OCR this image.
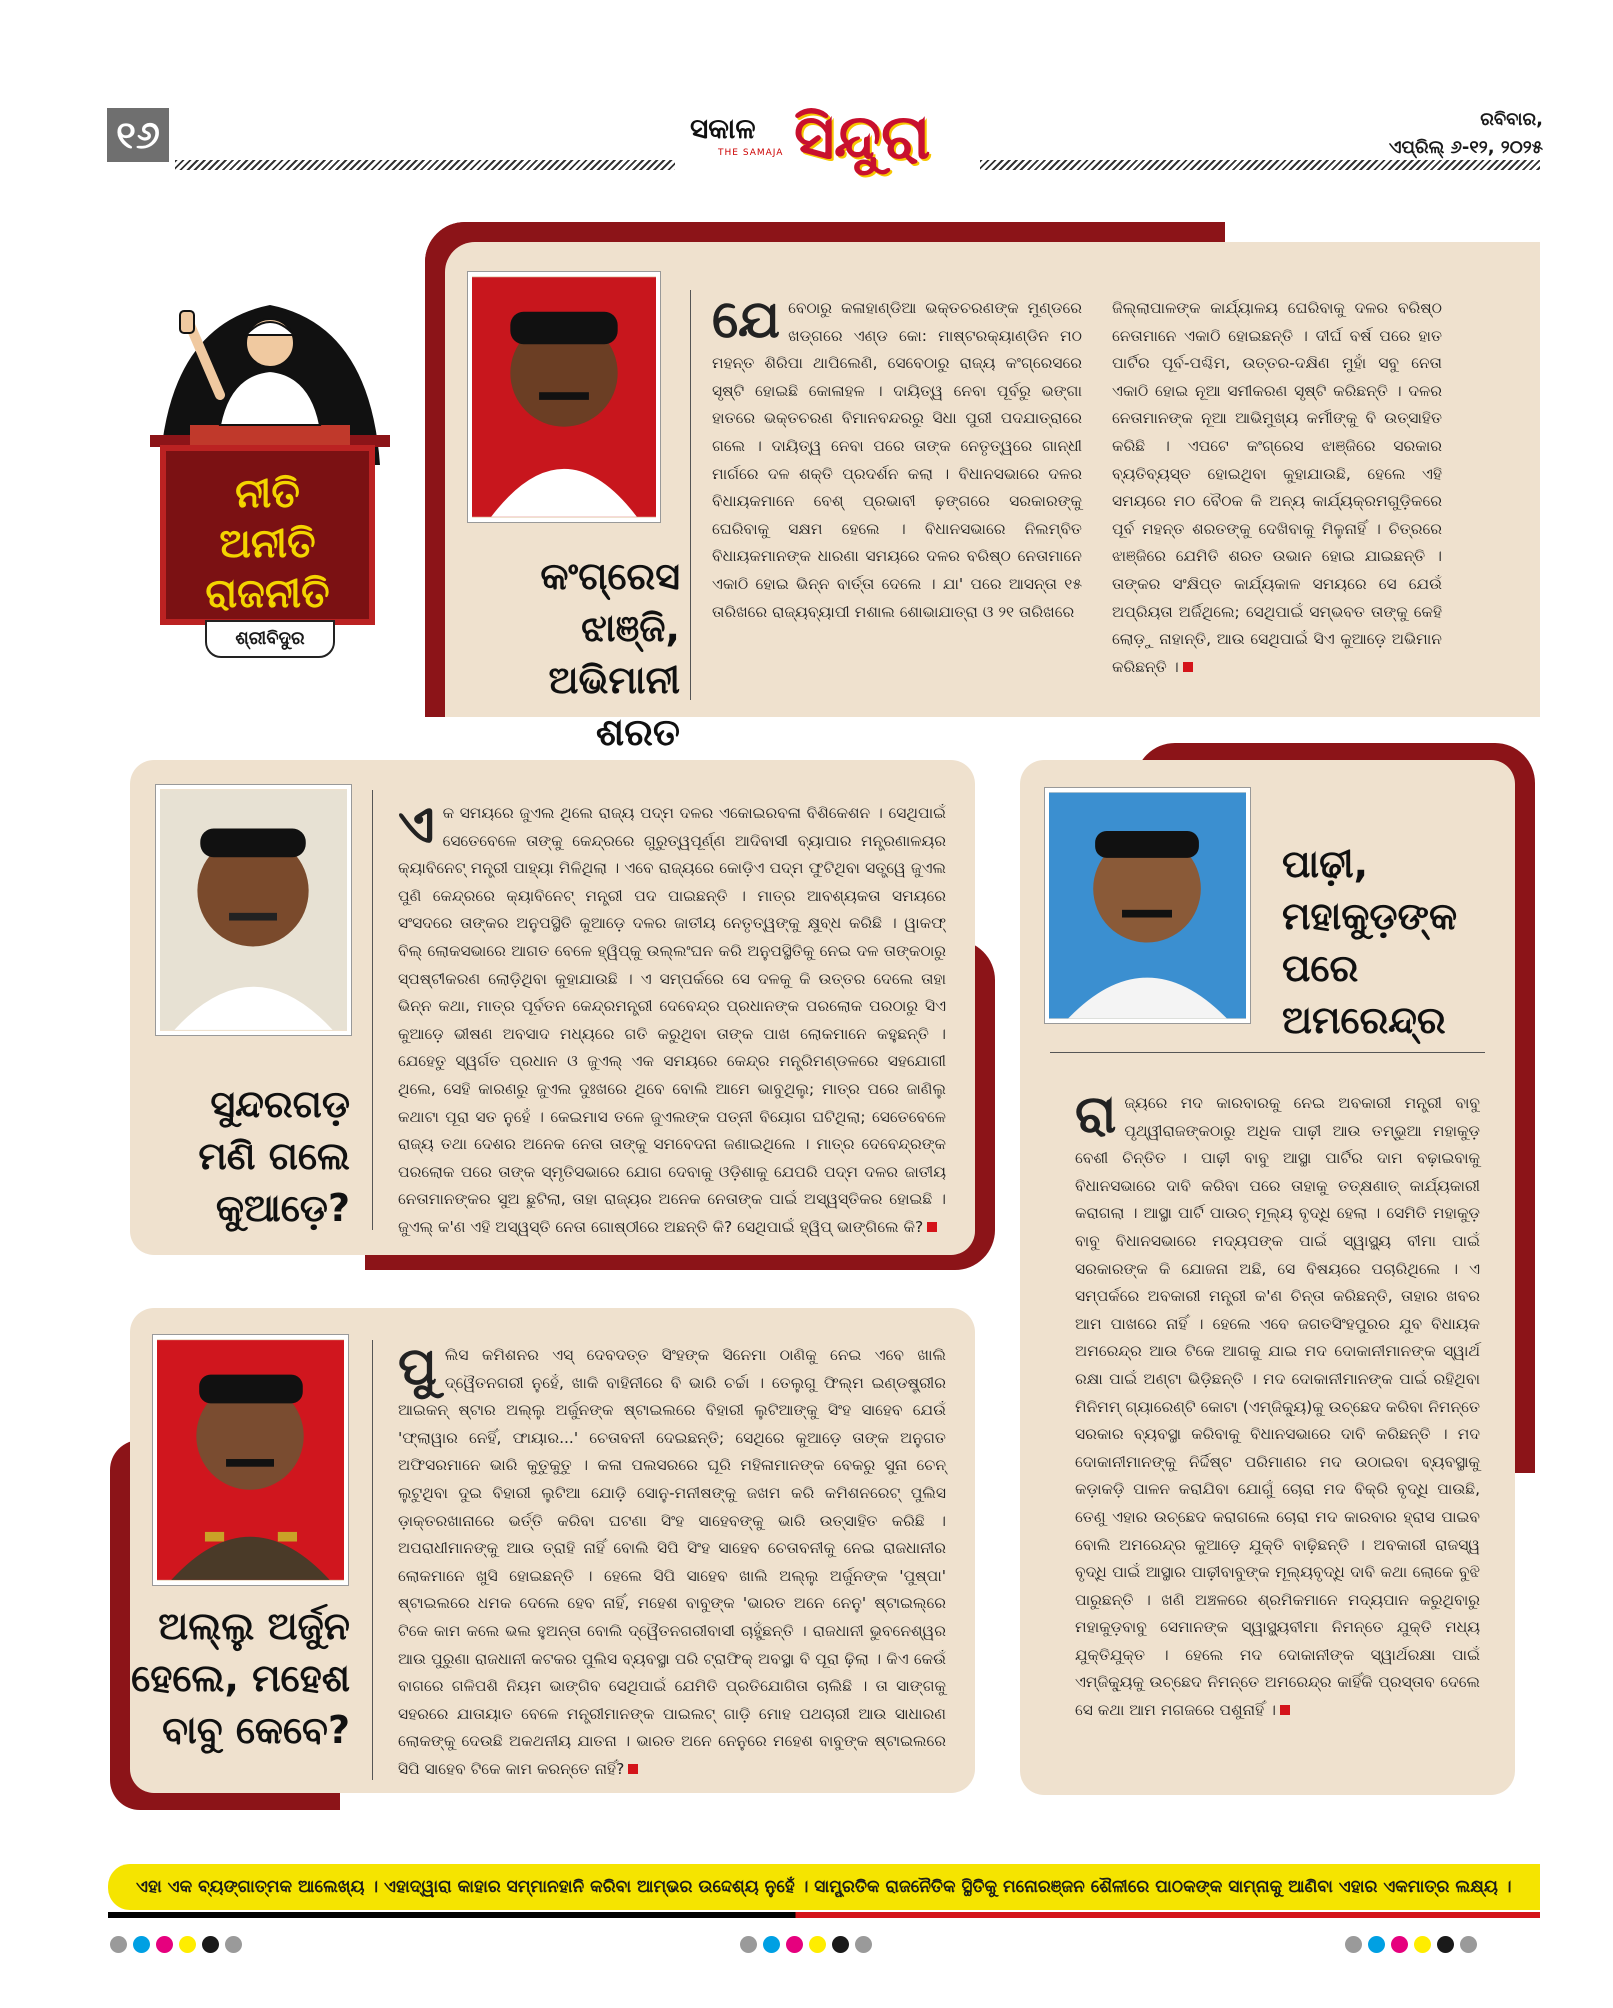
୧୬	ସକାଳ
THE SAMAJA ସିନ୍ଦୁରା	ରବିବାର,
ଏପ୍ରିଲ୍ ୬-୧୨, ୨୦୨୫
ନୀତି
ଅନୀତି
ରାଜନୀତି
ଶ୍ରୀବିଦୁର
କଂଗ୍ରେସ ଝାଞ୍ଜି,
ଅଭିମାନୀ
ଶରତ
ଯେବେଠାରୁ କଳାହାଣ୍ଡିଆ ଭକ୍ତଚରଣଙ୍କ ମୁଣ୍ଡରେ ଖଡ୍ଗରେ ଏଣ୍ଡ କୋ: ମାଷ୍ଟରକ୍ୟାଣ୍ଡିନ ମଠ ମହନ୍ତ ଶିରିପା ଥାପିଲେଣି, ସେବେଠାରୁ ରାଜ୍ୟ କଂଗ୍ରେସରେ ସୃଷ୍ଟି ହୋଇଛି କୋଳାହଳ । ଦାୟିତ୍ୱ ନେବା ପୂର୍ବରୁ ଭଙ୍ଗା ହାତରେ ଭକ୍ତଚରଣ ବିମାନବନ୍ଦରରୁ ସିଧା ପୁରୀ ପଦଯାତ୍ରାରେ ଗଲେ । ଦାୟିତ୍ୱ ନେବା ପରେ ତାଙ୍କ ନେତୃତ୍ୱରେ ଗାନ୍ଧୀ ମାର୍ଗରେ ଦଳ ଶକ୍ତି ପ୍ରଦର୍ଶନ କଲା । ବିଧାନସଭାରେ ଦଳର ବିଧାୟକମାନେ ବେଶ୍ ପ୍ରଭାବୀ ଢ଼ଙ୍ଗରେ ସରକାରଙ୍କୁ ଘେରିବାକୁ ସକ୍ଷମ ହେଲେ । ବିଧାନସଭାରେ ନିଲମ୍ବିତ ବିଧାୟକମାନଙ୍କ ଧାରଣା ସମୟରେ ଦଳର ବରିଷ୍ଠ ନେତାମାନେ ଏକାଠି ହୋଇ ଭିନ୍ନ ବାର୍ତ୍ତା ଦେଲେ । ଯା' ପରେ ଆସନ୍ତା ୧୫ ତାରିଖରେ ରାଜ୍ୟବ୍ୟାପୀ ମଶାଲ ଶୋଭାଯାତ୍ରା ଓ ୨୧ ତାରିଖରେ
ଜିଲ୍ଲାପାଳଙ୍କ କାର୍ଯ୍ୟାଳୟ ଘେରିବାକୁ ଦଳର ବରିଷ୍ଠ ନେତାମାନେ ଏକାଠି ହୋଇଛନ୍ତି । ଦୀର୍ଘ ବର୍ଷ ପରେ ହାତ ପାର୍ଟିର ପୂର୍ବ-ପଶ୍ଚିମ, ଉତ୍ତର-ଦକ୍ଷିଣ ମୁହାଁ ସବୁ ନେତା ଏକାଠି ହୋଇ ନୂଆ ସମୀକରଣ ସୃଷ୍ଟି କରିଛନ୍ତି । ଦଳର ନେତାମାନଙ୍କ ନୂଆ ଆଭିମୁଖ୍ୟ କର୍ମୀଙ୍କୁ ବି ଉତ୍ସାହିତ କରିଛି । ଏପଟେ କଂଗ୍ରେସ ଝାଞ୍ଜିରେ ସରକାର ବ୍ୟତିବ୍ୟସ୍ତ ହୋଇଥିବା କୁହାଯାଉଛି, ହେଲେ ଏହି ସମୟରେ ମଠ ବୈଠକ କି ଅନ୍ୟ କାର୍ଯ୍ୟକ୍ରମଗୁଡ଼ିକରେ ପୂର୍ବ ମହନ୍ତ ଶରତଙ୍କୁ ଦେଖିବାକୁ ମିଳୁନାହିଁ । ଚିତ୍ରରେ ଝାଞ୍ଜିରେ ଯେମିତି ଶରତ ଉଭାନ ହୋଇ ଯାଇଛନ୍ତି । ତାଙ୍କର ସଂକ୍ଷିପ୍ତ କାର୍ଯ୍ୟକାଳ ସମୟରେ ସେ ଯେଉଁ ଅପ୍ରିୟତା ଅର୍ଜିଥିଲେ; ସେଥିପାଇଁ ସମ୍ଭବତ ତାଙ୍କୁ କେହି ଲୋଡ଼ୁ ନାହାନ୍ତି, ଆଉ ସେଥିପାଇଁ ସିଏ କୁଆଡ଼େ ଅଭିମାନ କରିଛନ୍ତି ।
ସୁନ୍ଦରଗଡ଼
ମଣି ଗଲେ
କୁଆଡ଼େ?
ଏକ ସମୟରେ ଜୁଏଲ ଥିଲେ ରାଜ୍ୟ ପଦ୍ମ ଦଳର ଏକୋଇରବଳା ବିଶିକେଶନ । ସେଥିପାଇଁ ସେତେବେଳେ ତାଙ୍କୁ କେନ୍ଦ୍ରରେ ଗୁରୁତ୍ୱପୂର୍ଣ୍ଣ ଆଦିବାସୀ ବ୍ୟାପାର ମନ୍ତ୍ରଣାଳୟର କ୍ୟାବିନେଟ୍ ମନ୍ତ୍ରୀ ପାହ୍ୟା ମିଳିଥିଲା । ଏବେ ରାଜ୍ୟରେ କୋଡ଼ିଏ ପଦ୍ମ ଫୁଟିଥିବା ସତ୍ତ୍ୱେ ଜୁଏଲ ପୁଣି କେନ୍ଦ୍ରରେ କ୍ୟାବିନେଟ୍ ମନ୍ତ୍ରୀ ପଦ ପାଇଛନ୍ତି । ମାତ୍ର ଆବଶ୍ୟକତା ସମୟରେ ସଂସଦରେ ତାଙ୍କର ଅନୁପସ୍ଥିତି କୁଆଡ଼େ ଦଳର ଜାତୀୟ ନେତୃତ୍ୱଙ୍କୁ କ୍ଷୁବ୍ଧ କରିଛି । ୱାକଫ୍ ବିଲ୍ ଲୋକସଭାରେ ଆଗତ ବେଳେ ହ୍ୱିପ୍‌କୁ ଉଲ୍ଲଂଘନ କରି ଅନୁପସ୍ଥିତିକୁ ନେଇ ଦଳ ତାଙ୍କଠାରୁ ସ୍ପଷ୍ଟୀକରଣ ଲୋଡ଼ିଥିବା କୁହାଯାଉଛି । ଏ ସମ୍ପର୍କରେ ସେ ଦଳକୁ କି ଉତ୍ତର ଦେଲେ ତାହା ଭିନ୍ନ କଥା, ମାତ୍ର ପୂର୍ବତନ କେନ୍ଦ୍ରମନ୍ତ୍ରୀ ଦେବେନ୍ଦ୍ର ପ୍ରଧାନଙ୍କ ପରଲୋକ ପରଠାରୁ ସିଏ କୁଆଡ଼େ ଭୀଷଣ ଅବସାଦ ମଧ୍ୟରେ ଗତି କରୁଥିବା ତାଙ୍କ ପାଖ ଲୋକମାନେ କହୁଛନ୍ତି । ଯେହେତୁ ସ୍ୱର୍ଗତ ପ୍ରଧାନ ଓ ଜୁଏଲ୍ ଏକ ସମୟରେ କେନ୍ଦ୍ର ମନ୍ତ୍ରିମଣ୍ଡଳରେ ସହଯୋଗୀ ଥିଲେ, ସେହି କାରଣରୁ ଜୁଏଲ ଦୁଃଖରେ ଥିବେ ବୋଲି ଆମେ ଭାବୁଥିଲୁ; ମାତ୍ର ପରେ ଜାଣିଲୁ କଥାଟା ପୂରା ସତ ନୁହେଁ । କେଇମାସ ତଳେ ଜୁଏଲଙ୍କ ପତ୍ନୀ ବିୟୋଗ ଘଟିଥିଲା; ସେତେବେଳେ ରାଜ୍ୟ ତଥା ଦେଶର ଅନେକ ନେତା ତାଙ୍କୁ ସମବେଦନା ଜଣାଇଥିଲେ । ମାତ୍ର ଦେବେନ୍ଦ୍ରଙ୍କ ପରଲୋକ ପରେ ତାଙ୍କ ସ୍ମୃତିସଭାରେ ଯୋଗ ଦେବାକୁ ଓଡ଼ିଶାକୁ ଯେପରି ପଦ୍ମ ଦଳର ଜାତୀୟ ନେତାମାନଙ୍କର ସୁଅ ଛୁଟିଲା, ତାହା ରାଜ୍ୟର ଅନେକ ନେତାଙ୍କ ପାଇଁ ଅସ୍ୱସ୍ତିକର ହୋଇଛି । ଜୁଏଲ୍ କ'ଣ ଏହି ଅସ୍ୱସ୍ତି ନେତା ଗୋଷ୍ଠୀରେ ଅଛନ୍ତି କି? ସେଥିପାଇଁ ହ୍ୱିପ୍ ଭାଙ୍ଗିଲେ କି?
ପାଢ଼ୀ,
ମହାକୁଡ଼ଙ୍କ
ପରେ
ଅମରେନ୍ଦ୍ର
ରାଜ୍ୟରେ ମଦ କାରବାରକୁ ନେଇ ଅବକାରୀ ମନ୍ତ୍ରୀ ବାବୁ ପୃଥ୍ୱୀରାଜଙ୍କଠାରୁ ଅଧିକ ପାଢ଼ୀ ଆଉ ତମ୍ଭୁଆ ମହାକୁଡ଼ ବେଶୀ ଚିନ୍ତିତ । ପାଢ଼ୀ ବାବୁ ଆସ୍ଥା ପାର୍ଟିର ଦାମ ବଢ଼ାଇବାକୁ ବିଧାନସଭାରେ ଦାବି କରିବା ପରେ ତାହାକୁ ତତ୍‌କ୍ଷଣାତ୍ କାର୍ଯ୍ୟକାରୀ କରାଗଲା । ଆସ୍ଥା ପାର୍ଟି ପାଉଚ୍ ମୂଲ୍ୟ ବୃଦ୍ଧି ହେଲା । ସେମିତି ମହାକୁଡ଼ ବାବୁ ବିଧାନସଭାରେ ମଦ୍ୟପଙ୍କ ପାଇଁ ସ୍ୱାସ୍ଥ୍ୟ ବୀମା ପାଇଁ ସରକାରଙ୍କ କି ଯୋଜନା ଅଛି, ସେ ବିଷୟରେ ପଚାରିଥିଲେ । ଏ ସମ୍ପର୍କରେ ଅବକାରୀ ମନ୍ତ୍ରୀ କ'ଣ ଚିନ୍ତା କରିଛନ୍ତି, ତାହାର ଖବର ଆମ ପାଖରେ ନାହିଁ । ହେଲେ ଏବେ ଜଗତସିଂହପୁରର ଯୁବ ବିଧାୟକ ଅମରେନ୍ଦ୍ର ଆଉ ଟିକେ ଆଗକୁ ଯାଇ ମଦ ଦୋକାନୀମାନଙ୍କ ସ୍ୱାର୍ଥ ରକ୍ଷା ପାଇଁ ଅଣ୍ଟା ଭିଡ଼ିଛନ୍ତି । ମଦ ଦୋକାନୀମାନଙ୍କ ପାଇଁ ରହିଥିବା ମିନିମମ୍ ଗ୍ୟାରେଣ୍ଟି କୋଟା (ଏମ୍‌ଜିକ୍ୟୁ)କୁ ଉଚ୍ଛେଦ କରିବା ନିମନ୍ତେ ସରକାର ବ୍ୟବସ୍ଥା କରିବାକୁ ବିଧାନସଭାରେ ଦାବି କରିଛନ୍ତି । ମଦ ଦୋକାନୀମାନଙ୍କୁ ନିର୍ଦ୍ଦିଷ୍ଟ ପରିମାଣର ମଦ ଉଠାଇବା ବ୍ୟବସ୍ଥାକୁ କଡ଼ାକଡ଼ି ପାଳନ କରାଯିବା ଯୋଗୁଁ ଚୋରା ମଦ ବିକ୍ରି ବୃଦ୍ଧି ପାଉଛି, ତେଣୁ ଏହାର ଉଚ୍ଛେଦ କରାଗଲେ ଚୋରା ମଦ କାରବାର ହ୍ରାସ ପାଇବ ବୋଲି ଅମରେନ୍ଦ୍ର କୁଆଡ଼େ ଯୁକ୍ତି ବାଢ଼ିଛନ୍ତି । ଅବକାରୀ ରାଜସ୍ୱ ବୃଦ୍ଧି ପାଇଁ ଆସ୍ଥାର ପାଢ଼ୀବାବୁଙ୍କ ମୂଲ୍ୟବୃଦ୍ଧି ଦାବି କଥା ଲୋକେ ବୁଝି ପାରୁଛନ୍ତି । ଖଣି ଅଞ୍ଚଳରେ ଶ୍ରମିକମାନେ ମଦ୍ୟପାନ କରୁଥିବାରୁ ମହାକୁଡ଼ବାବୁ ସେମାନଙ୍କ ସ୍ୱାସ୍ଥ୍ୟବୀମା ନିମନ୍ତେ ଯୁକ୍ତି ମଧ୍ୟ ଯୁକ୍ତିଯୁକ୍ତ । ହେଲେ ମଦ ଦୋକାନୀଙ୍କ ସ୍ୱାର୍ଥରକ୍ଷା ପାଇଁ ଏମ୍‌ଜିକ୍ୟୁକୁ ଉଚ୍ଛେଦ ନିମନ୍ତେ ଅମରେନ୍ଦ୍ର କାହିଁକି ପ୍ରସ୍ତାବ ଦେଲେ ସେ କଥା ଆମ ମଗଜରେ ପଶୁନାହିଁ ।
ଅଲ୍ଲୁ ଅର୍ଜୁନ
ହେଲେ, ମହେଶ
ବାବୁ କେବେ?
ପୁଲିସ କମିଶନର ଏସ୍ ଦେବଦତ୍ତ ସିଂହଙ୍କ ସିନେମା ଠାଣିକୁ ନେଇ ଏବେ ଖାଲି ଦ୍ୱୈତନଗରୀ ନୁହେଁ, ଖାକି ବାହିନୀରେ ବି ଭାରି ଚର୍ଚ୍ଚା । ତେଲୁଗୁ ଫିଲ୍ମ ଇଣ୍ଡଷ୍ଟ୍ରୀର ଆଇକନ୍ ଷ୍ଟାର ଅଲ୍ଲୁ ଅର୍ଜୁନଙ୍କ ଷ୍ଟାଇଲରେ ବିହାରୀ ଲୁଟିଆଙ୍କୁ ସିଂହ ସାହେବ ଯେଉଁ 'ଫ୍ଲାୱାର ନେହିଁ, ଫାୟାର...' ଚେତାବନୀ ଦେଇଛନ୍ତି; ସେଥିରେ କୁଆଡ଼େ ତାଙ୍କ ଅନୁଗତ ଅଫିସରମାନେ ଭାରି କୁତୁକୁତୁ । କଳା ପଲସରରେ ଘୂରି ମହିଳାମାନଙ୍କ ବେକରୁ ସୁନା ଚେନ୍ ଲୁଟୁଥିବା ଦୁଇ ବିହାରୀ ଲୁଟିଆ ଯୋଡ଼ି ସୋନୁ-ମନୀଷଙ୍କୁ ଜଖମ କରି କମିଶନରେଟ୍ ପୁଲିସ ଡ଼ାକ୍ତରଖାନାରେ ଭର୍ତ୍ତି କରିବା ଘଟଣା ସିଂହ ସାହେବଙ୍କୁ ଭାରି ଉତ୍ସାହିତ କରିଛି । ଅପରାଧୀମାନଙ୍କୁ ଆଉ ତ୍ରାହି ନାହିଁ ବୋଲି ସିପି ସିଂହ ସାହେବ ଚେତାବନୀକୁ ନେଇ ରାଜଧାନୀର ଲୋକମାନେ ଖୁସି ହୋଇଛନ୍ତି । ହେଲେ ସିପି ସାହେବ ଖାଲି ଅଲ୍ଲୁ ଅର୍ଜୁନଙ୍କ 'ପୁଷ୍ପା' ଷ୍ଟାଇଲରେ ଧମକ ଦେଲେ ହେବ ନାହିଁ, ମହେଶ ବାବୁଙ୍କ 'ଭାରତ ଅନେ ନେନୁ' ଷ୍ଟାଇଲ୍‌ରେ ଟିକେ କାମ କଲେ ଭଲ ହୁଅନ୍ତା ବୋଲି ଦ୍ୱୈତନଗରୀବାସୀ ଚାହୁଁଛନ୍ତି । ରାଜଧାନୀ ଭୁବନେଶ୍ୱର ଆଉ ପୁରୁଣା ରାଜଧାନୀ କଟକର ପୁଲିସ ବ୍ୟବସ୍ଥା ପରି ଟ୍ରାଫିକ୍ ଅବସ୍ଥା ବି ପୂରା ଢ଼ିଲା । କିଏ କେଉଁ ବାଗରେ ଗଳିପଶି ନିୟମ ଭାଙ୍ଗିବ ସେଥିପାଇଁ ଯେମିତି ପ୍ରତିଯୋଗିତା ଚାଲିଛି । ତା ସାଙ୍ଗକୁ ସହରରେ ଯାତାୟାତ ବେଳେ ମନ୍ତ୍ରୀମାନଙ୍କ ପାଇଲଟ୍ ଗାଡ଼ି ମୋହ ପଥଚାରୀ ଆଉ ସାଧାରଣ ଲୋକଙ୍କୁ ଦେଉଛି ଅକଥନୀୟ ଯାତନା । ଭାରତ ଅନେ ନେନୁରେ ମହେଶ ବାବୁଙ୍କ ଷ୍ଟାଇଲରେ ସିପି ସାହେବ ଟିକେ କାମ କରନ୍ତେ ନାହିଁ?
ଏହା ଏକ ବ୍ୟଙ୍ଗାତ୍ମକ ଆଲେଖ୍ୟ । ଏହାଦ୍ୱାରା କାହାର ସମ୍ମାନହାନି କରିବା ଆମ୍ଭର ଉଦ୍ଦେଶ୍ୟ ନୁହେଁ । ସାମ୍ପ୍ରତିକ ରାଜନୈତିକ ସ୍ଥିତିକୁ ମନୋରଞ୍ଜନ ଶୈଳୀରେ ପାଠକଙ୍କ ସାମ୍ନାକୁ ଆଣିବା ଏହାର ଏକମାତ୍ର ଲକ୍ଷ୍ୟ ।
